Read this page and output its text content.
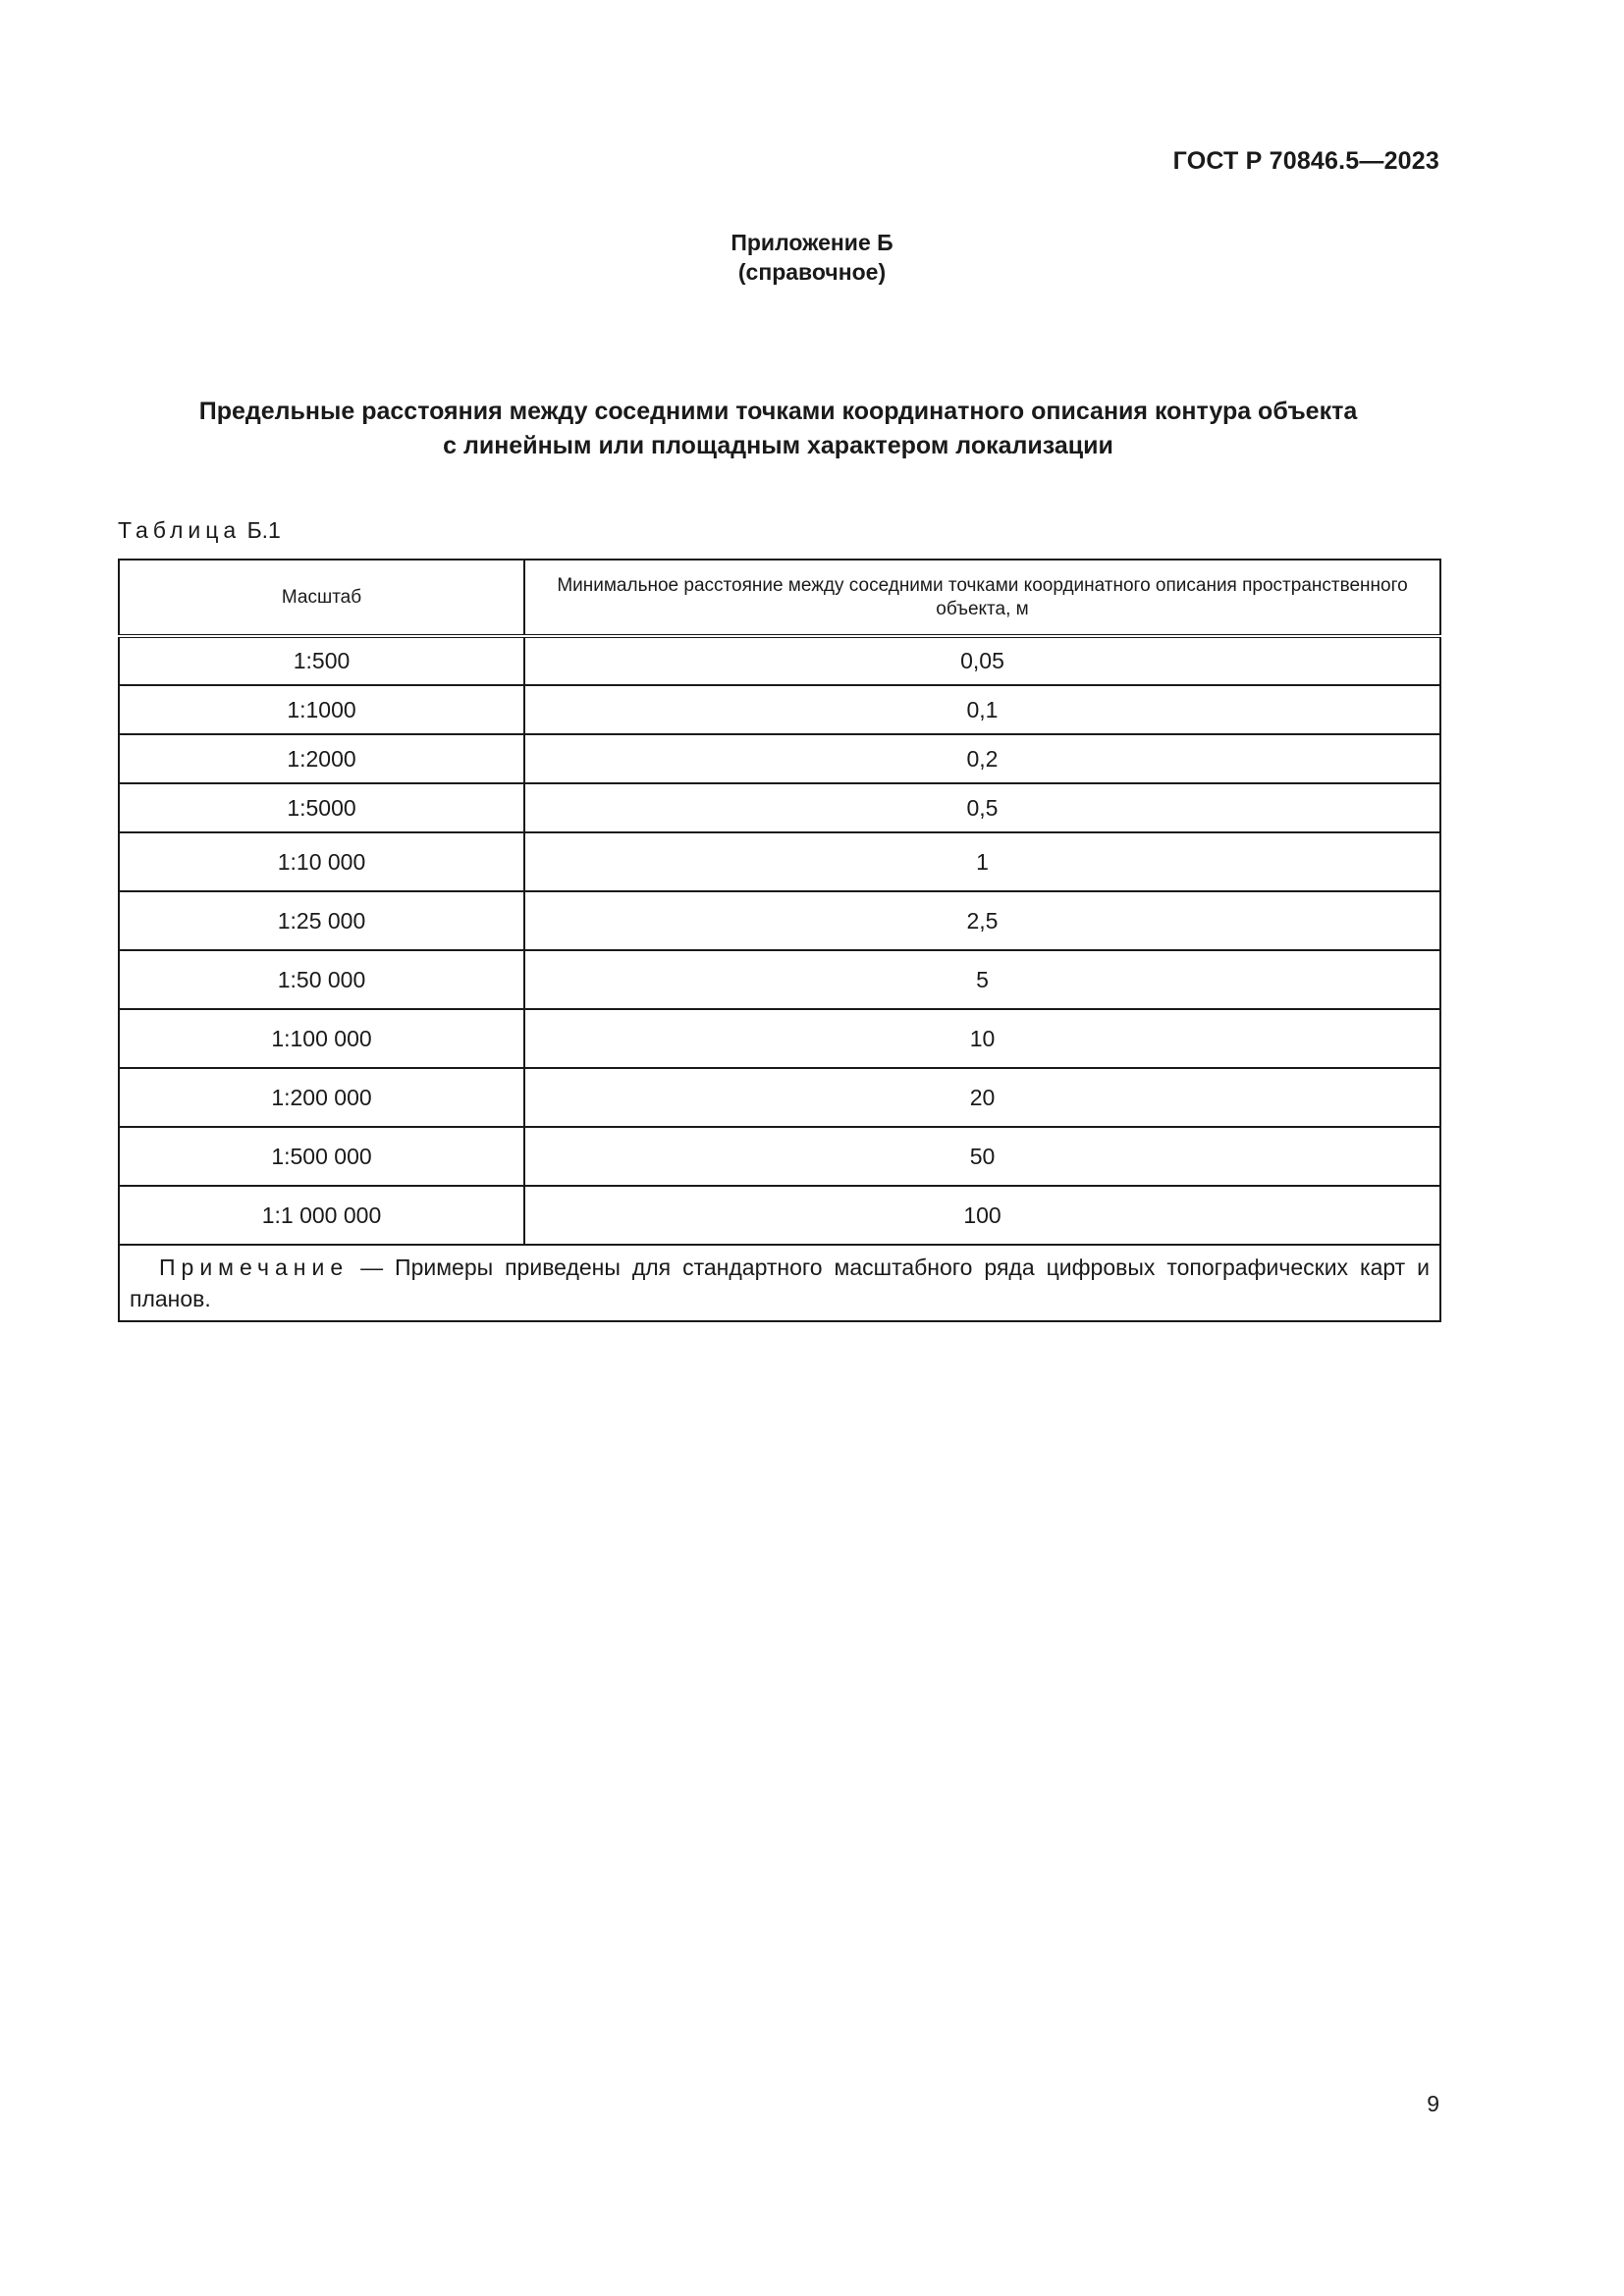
ГОСТ Р 70846.5—2023
Приложение Б
(справочное)
Предельные расстояния между соседними точками координатного описания контура объекта
с линейным или площадным характером локализации
Таблица Б.1
Масштаб	Минимальное расстояние между соседними точками координатного описания пространственного объекта, м
1:500	0,05
1:1000	0,1
1:2000	0,2
1:5000	0,5
1:10 000	1
1:25 000	2,5
1:50 000	5
1:100 000	10
1:200 000	20
1:500 000	50
1:1 000 000	100
Примечание — Примеры приведены для стандартного масштабного ряда цифровых топографических карт и планов.	
9
